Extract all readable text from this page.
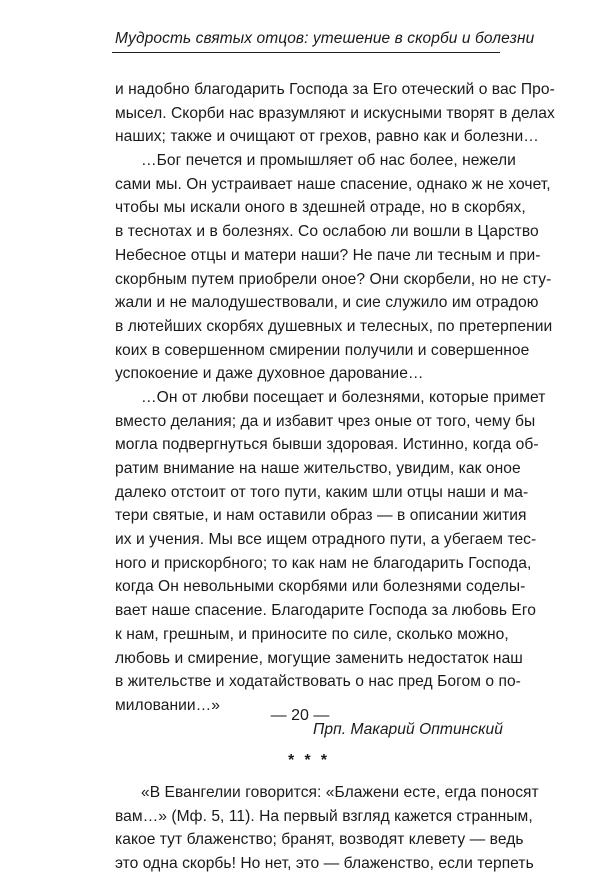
Мудрость святых отцов: утешение в скорби и болезни
и надобно благодарить Господа за Его отеческий о вас Про-
мысел. Скорби нас вразумляют и искусными творят в делах
наших; также и очищают от грехов, равно как и болезни…
…Бог печется и промышляет об нас более, нежели
сами мы. Он устраивает наше спасение, однако ж не хочет,
чтобы мы искали оного в здешней отраде, но в скорбях,
в теснотах и в болезнях. Со ослабою ли вошли в Царство
Небесное отцы и матери наши? Не паче ли тесным и при-
скорбным путем приобрели оное? Они скорбели, но не сту-
жали и не малодушествовали, и сие служило им отрадою
в лютейших скорбях душевных и телесных, по претерпении
коих в совершенном смирении получили и совершенное
успокоение и даже духовное дарование…
…Он от любви посещает и болезнями, которые примет
вместо делания; да и избавит чрез оные от того, чему бы
могла подвергнуться бывши здоровая. Истинно, когда об-
ратим внимание на наше жительство, увидим, как оное
далеко отстоит от того пути, каким шли отцы наши и ма-
тери святые, и нам оставили образ — в описании жития
их и учения. Мы все ищем отрадного пути, а убегаем тес-
ного и прискорбного; то как нам не благодарить Господа,
когда Он невольными скорбями или болезнями соделы-
вает наше спасение. Благодарите Господа за любовь Его
к нам, грешным, и приносите по силе, сколько можно,
любовь и смирение, могущие заменить недостаток наш
в жительстве и ходатайствовать о нас пред Богом о по-
миловании…»
Прп. Макарий Оптинский
* * *
«В Евангелии говорится: «Блажени есте, егда поносят
вам…» (Мф. 5, 11). На первый взгляд кажется странным,
какое тут блаженство; бранят, возводят клевету — ведь
это одна скорбь! Но нет, это — блаженство, если терпеть
— 20 —
